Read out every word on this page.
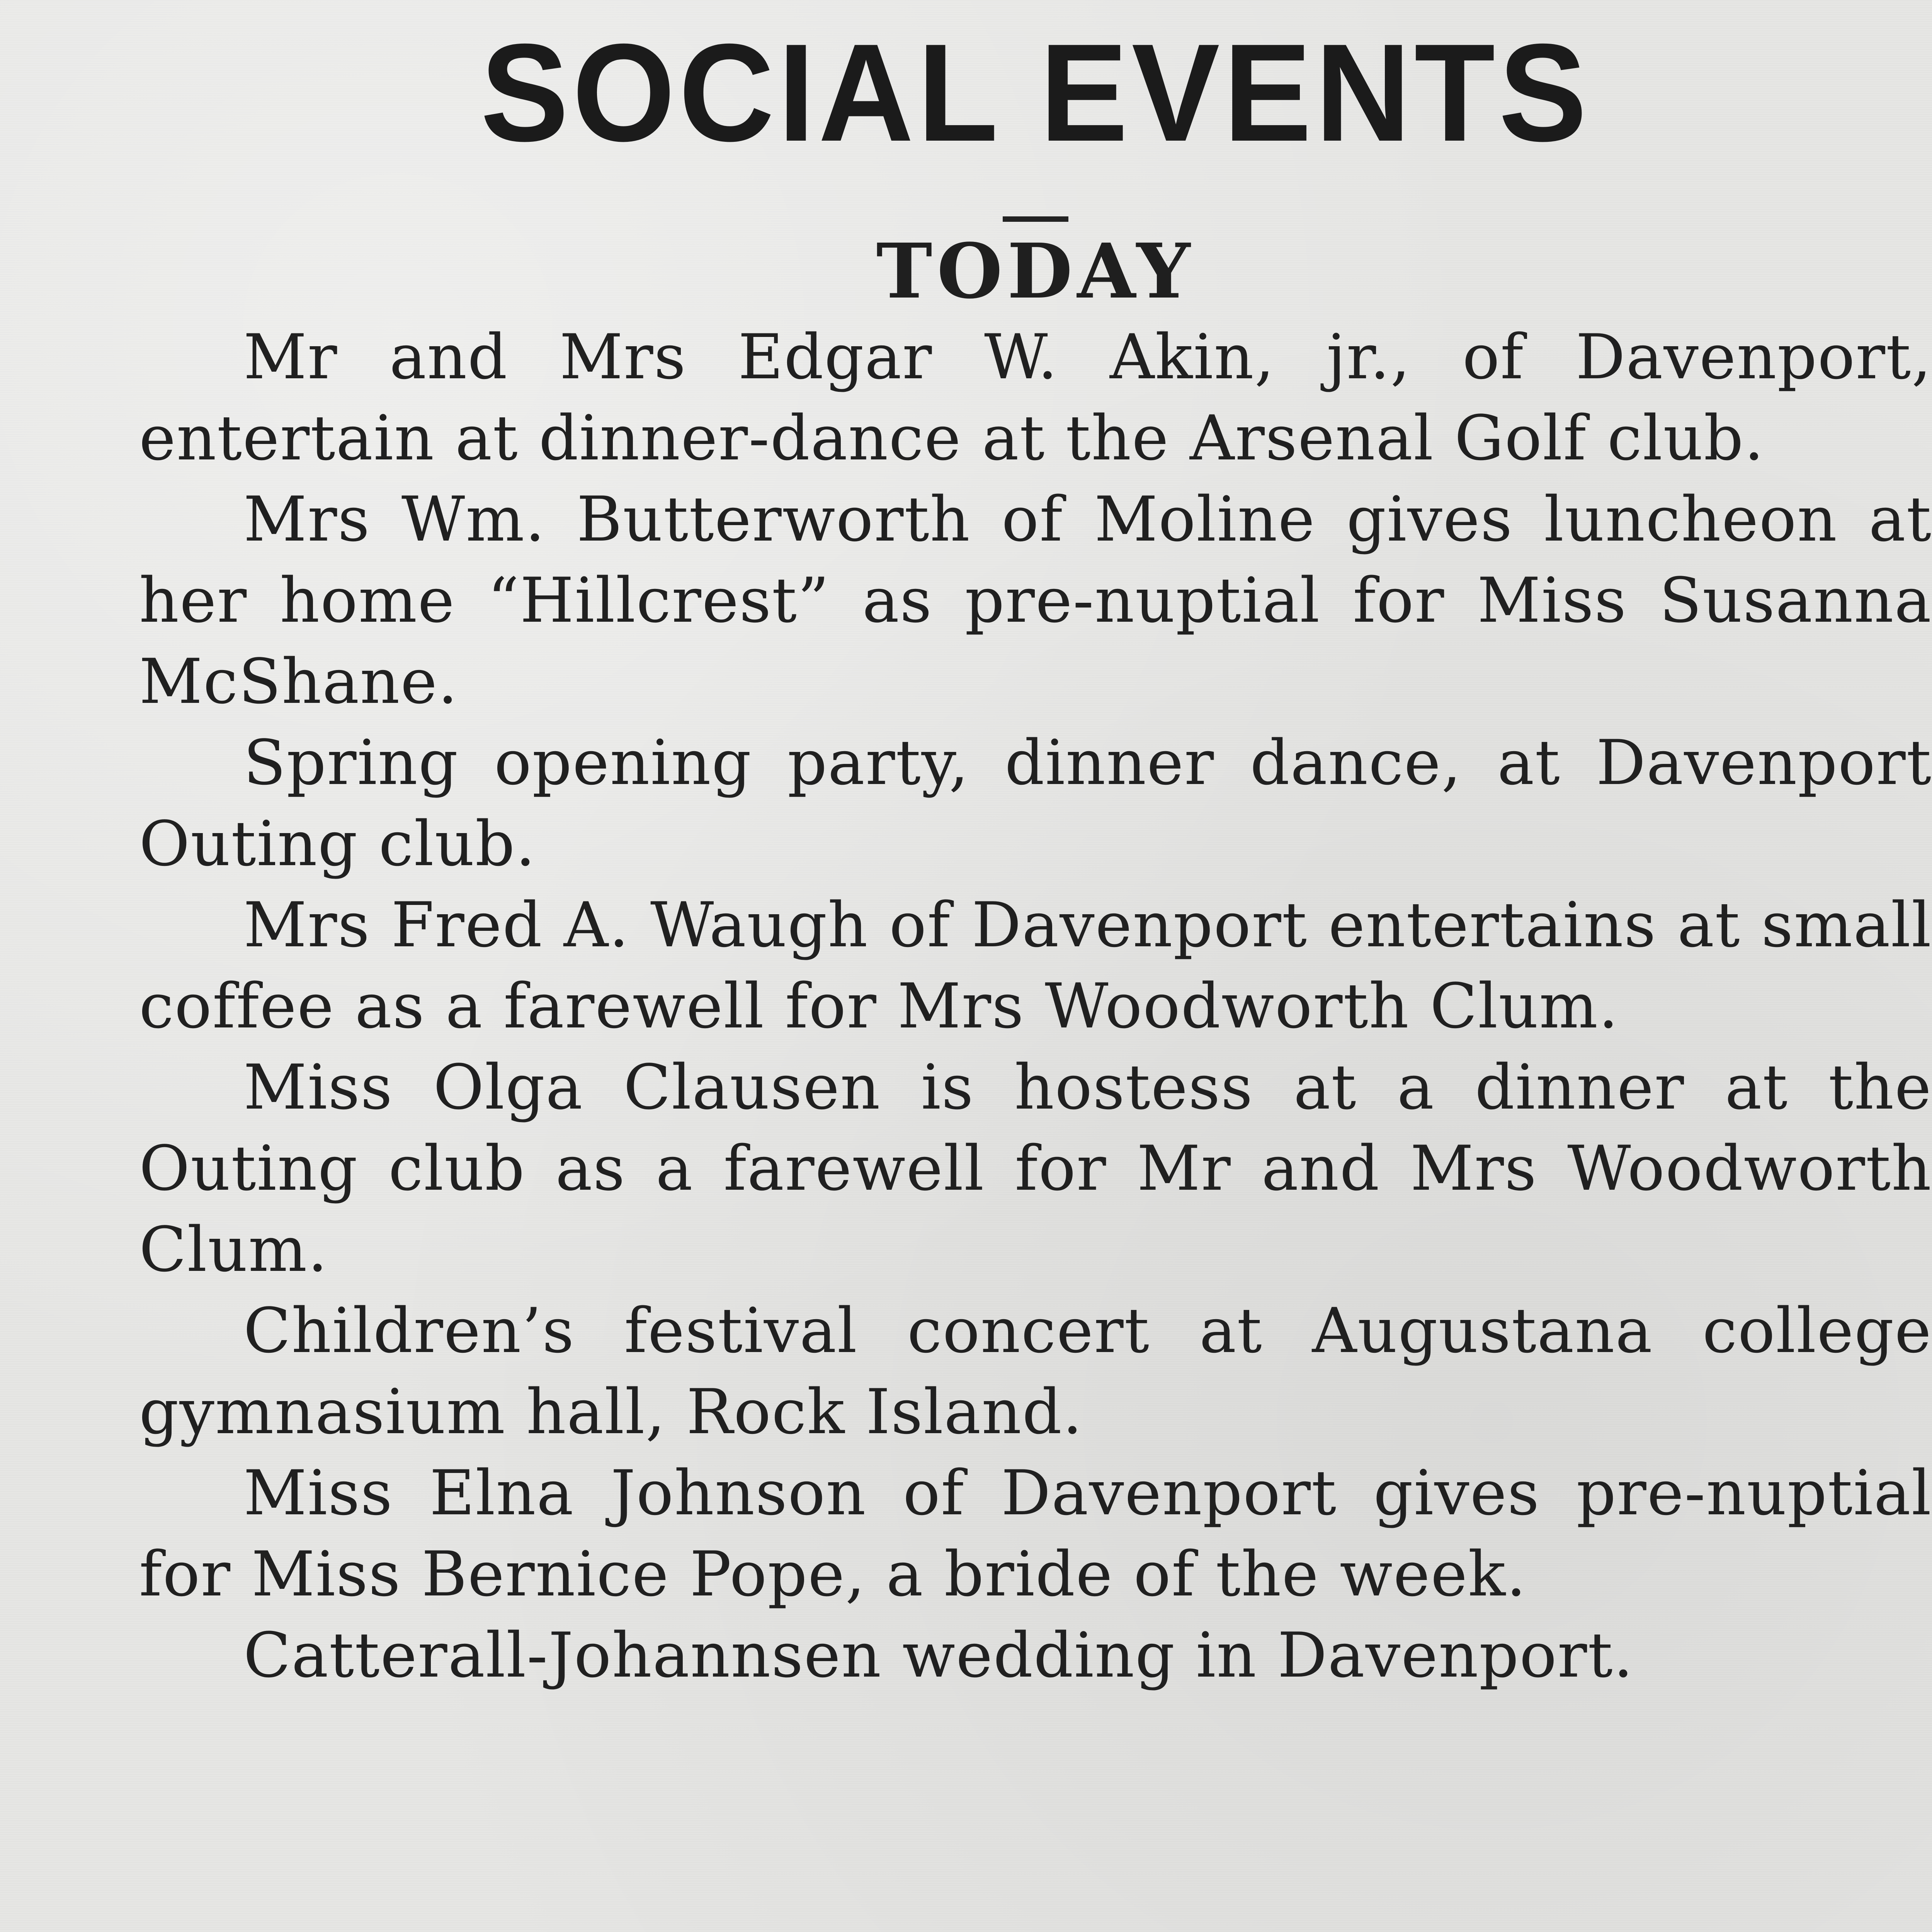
SOCIAL EVENTS
TODAY

Mr and Mrs Edgar W. Akin, jr., of Davenport, entertain at dinner-dance at the Arsenal Golf club.

Mrs Wm. Butterworth of Moline gives luncheon at her home “Hillcrest” as pre-nuptial for Miss Susanna McShane.

Spring opening party, dinner dance, at Davenport Outing club.

Mrs Fred A. Waugh of Davenport entertains at small coffee as a farewell for Mrs Woodworth Clum.

Miss Olga Clausen is hostess at a dinner at the Outing club as a farewell for Mr and Mrs Woodworth Clum.

Children’s festival concert at Augustana college gymnasium hall, Rock Island.

Miss Elna Johnson of Davenport gives pre-nuptial for Miss Bernice Pope, a bride of the week.

Catterall-Johannsen wedding in Davenport.
